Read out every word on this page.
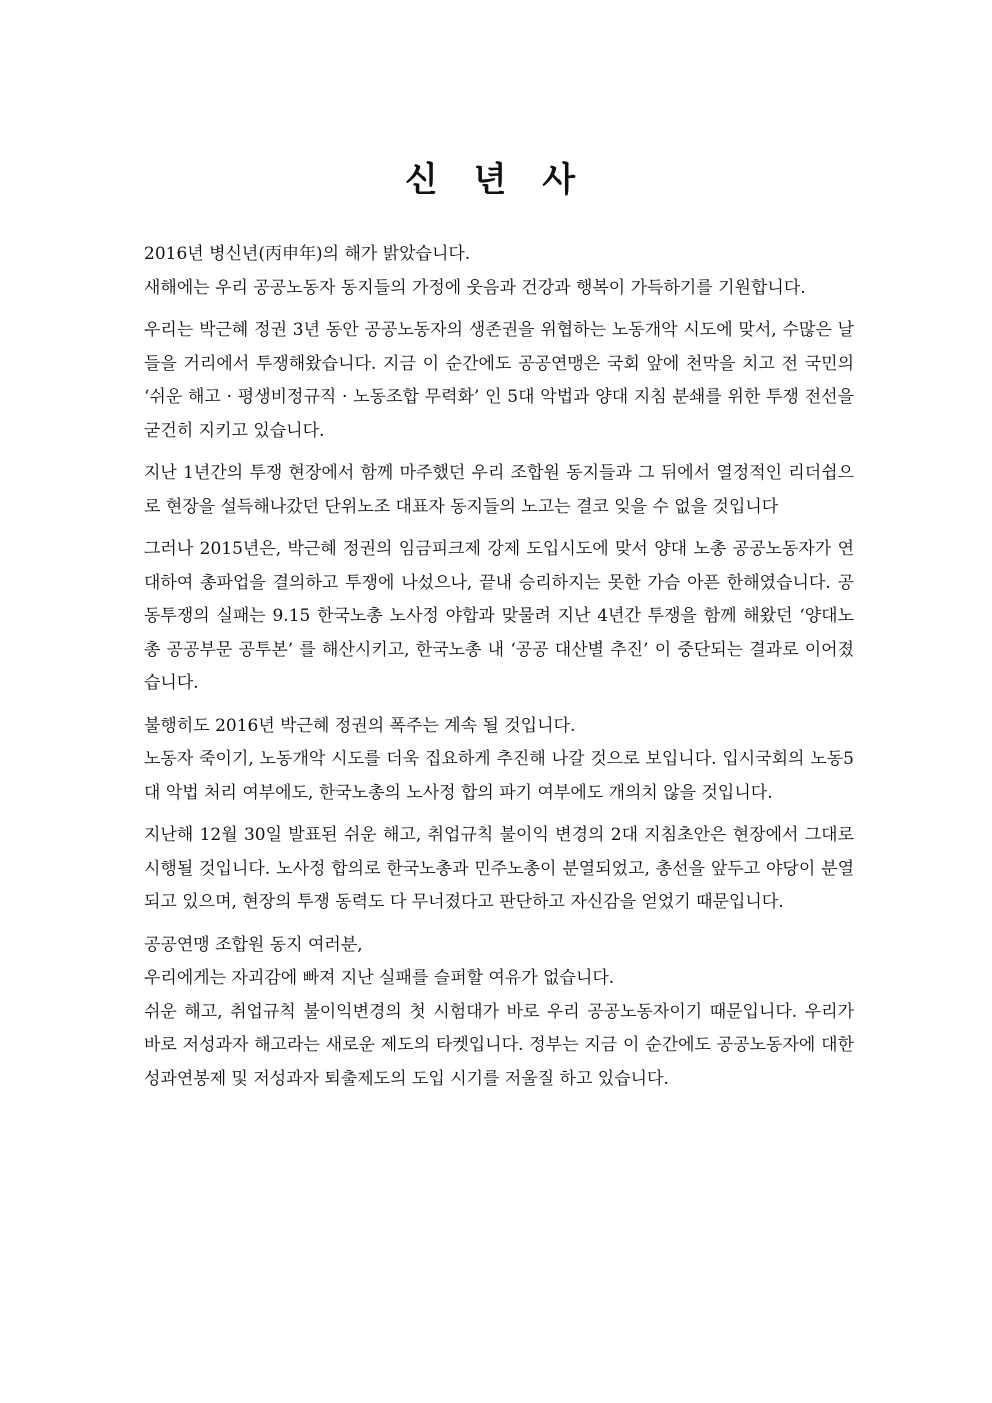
신 년 사

2016년 병신년(丙申年)의 해가 밝았습니다.
새해에는 우리 공공노동자 동지들의 가정에 웃음과 건강과 행복이 가득하기를 기원합니다.

우리는 박근혜 정권 3년 동안 공공노동자의 생존권을 위협하는 노동개악 시도에 맞서, 수많은 날들을 거리에서 투쟁해왔습니다. 지금 이 순간에도 공공연맹은 국회 앞에 천막을 치고 전 국민의 ‘쉬운 해고 · 평생비정규직 · 노동조합 무력화’ 인 5대 악법과 양대 지침 분쇄를 위한 투쟁 전선을 굳건히 지키고 있습니다.

지난 1년간의 투쟁 현장에서 함께 마주했던 우리 조합원 동지들과 그 뒤에서 열정적인 리더쉽으로 현장을 설득해나갔던 단위노조 대표자 동지들의 노고는 결코 잊을 수 없을 것입니다

그러나 2015년은, 박근혜 정권의 임금피크제 강제 도입시도에 맞서 양대 노총 공공노동자가 연대하여 총파업을 결의하고 투쟁에 나섰으나, 끝내 승리하지는 못한 가슴 아픈 한해였습니다. 공동투쟁의 실패는 9.15 한국노총 노사정 야합과 맞물려 지난 4년간 투쟁을 함께 해왔던 ‘양대노총 공공부문 공투본’ 를 해산시키고, 한국노총 내 ‘공공 대산별 추진’ 이 중단되는 결과로 이어졌습니다.

불행히도 2016년 박근혜 정권의 폭주는 계속 될 것입니다.
노동자 죽이기, 노동개악 시도를 더욱 집요하게 추진해 나갈 것으로 보입니다. 입시국회의 노동5대 악법 처리 여부에도, 한국노총의 노사정 합의 파기 여부에도 개의치 않을 것입니다.

지난해 12월 30일 발표된 쉬운 해고, 취업규칙 불이익 변경의 2대 지침초안은 현장에서 그대로 시행될 것입니다. 노사정 합의로 한국노총과 민주노총이 분열되었고, 총선을 앞두고 야당이 분열되고 있으며, 현장의 투쟁 동력도 다 무너졌다고 판단하고 자신감을 얻었기 때문입니다.

공공연맹 조합원 동지 여러분,
우리에게는 자괴감에 빠져 지난 실패를 슬퍼할 여유가 없습니다.
쉬운 해고, 취업규칙 불이익변경의 첫 시험대가 바로 우리 공공노동자이기 때문입니다. 우리가 바로 저성과자 해고라는 새로운 제도의 타켓입니다. 정부는 지금 이 순간에도 공공노동자에 대한 성과연봉제 및 저성과자 퇴출제도의 도입 시기를 저울질 하고 있습니다.
